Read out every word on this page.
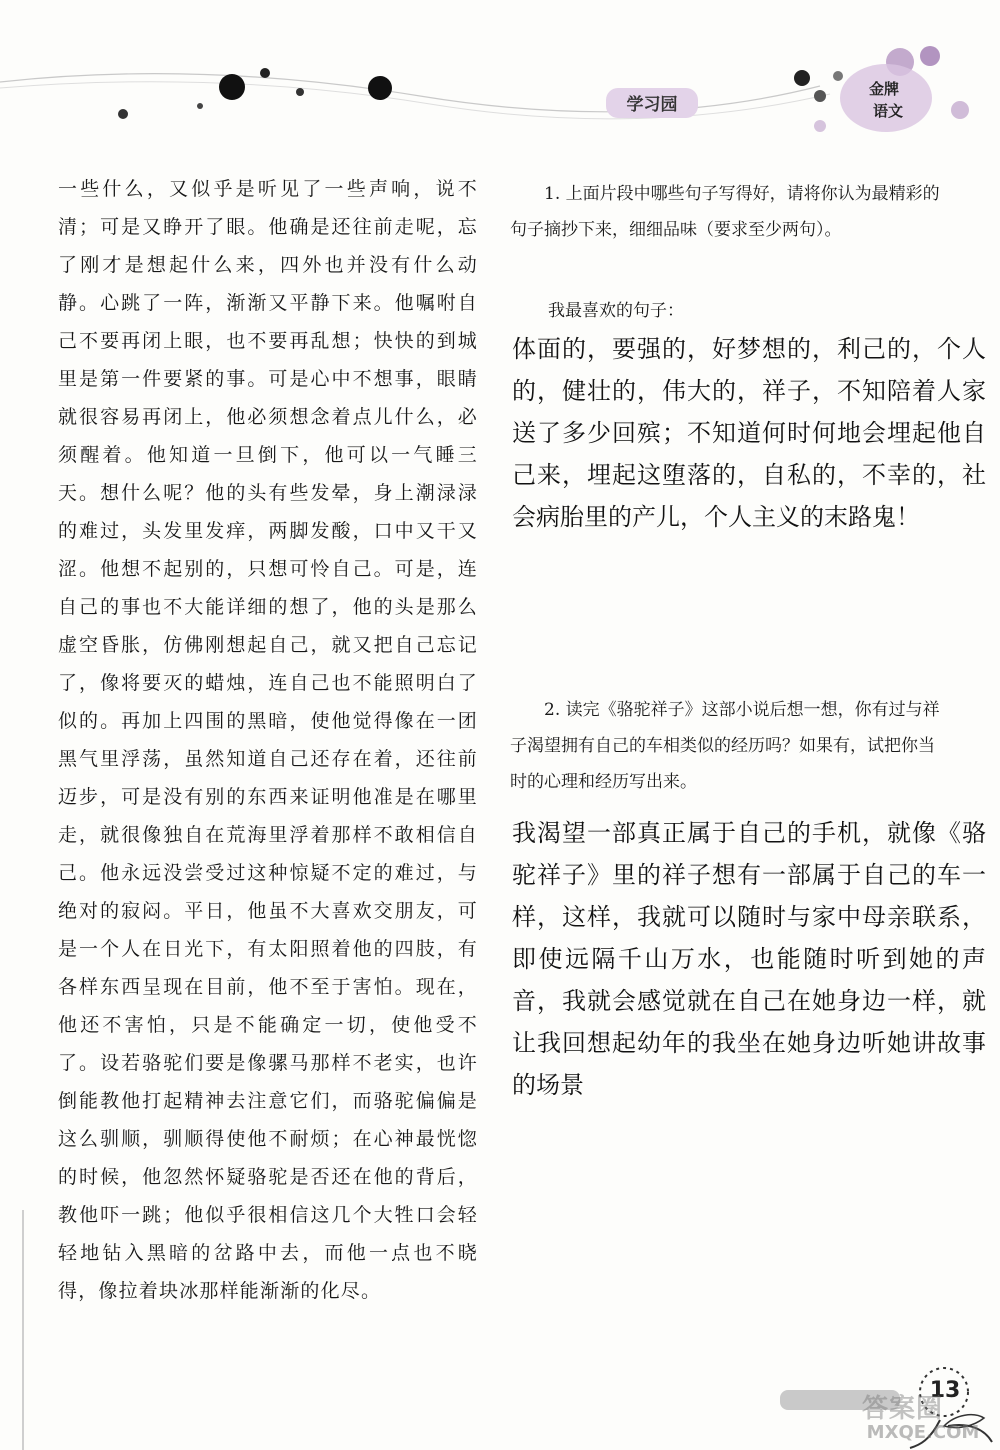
学习园
金牌
语文

一些什么，又似乎是听见了一些声响，说不清；可是又睁开了眼。他确是还往前走呢，忘了刚才是想起什么来，四外也并没有什么动静。心跳了一阵，渐渐又平静下来。他嘱咐自己不要再闭上眼，也不要再乱想；快快的到城里是第一件要紧的事。可是心中不想事，眼睛就很容易再闭上，他必须想念着点儿什么，必须醒着。他知道一旦倒下，他可以一气睡三天。想什么呢？他的头有些发晕，身上潮渌渌的难过，头发里发痒，两脚发酸，口中又干又涩。他想不起别的，只想可怜自己。可是，连自己的事也不大能详细的想了，他的头是那么虚空昏胀，仿佛刚想起自己，就又把自己忘记了，像将要灭的蜡烛，连自己也不能照明白了似的。再加上四围的黑暗，使他觉得像在一团黑气里浮荡，虽然知道自己还存在着，还往前迈步，可是没有别的东西来证明他准是在哪里走，就很像独自在荒海里浮着那样不敢相信自己。他永远没尝受过这种惊疑不定的难过，与绝对的寂闷。平日，他虽不大喜欢交朋友，可是一个人在日光下，有太阳照着他的四肢，有各样东西呈现在目前，他不至于害怕。现在，他还不害怕，只是不能确定一切，使他受不了。设若骆驼们要是像骡马那样不老实，也许倒能教他打起精神去注意它们，而骆驼偏偏是这么驯顺，驯顺得使他不耐烦；在心神最恍惚的时候，他忽然怀疑骆驼是否还在他的背后，教他吓一跳；他似乎很相信这几个大牲口会轻轻地钻入黑暗的岔路中去，而他一点也不晓得，像拉着块冰那样能渐渐的化尽。

1. 上面片段中哪些句子写得好，请将你认为最精彩的句子摘抄下来，细细品味（要求至少两句）。

我最喜欢的句子：

体面的，要强的，好梦想的，利己的，个人的，健壮的，伟大的，祥子，不知陪着人家送了多少回殡；不知道何时何地会埋起他自己来，埋起这堕落的，自私的，不幸的，社会病胎里的产儿，个人主义的末路鬼！

2. 读完《骆驼祥子》这部小说后想一想，你有过与祥子渴望拥有自己的车相类似的经历吗？如果有，试把你当时的心理和经历写出来。

我渴望一部真正属于自己的手机，就像《骆驼祥子》里的祥子想有一部属于自己的车一样，这样，我就可以随时与家中母亲联系，即使远隔千山万水，也能随时听到她的声音，我就会感觉就在自己在她身边一样，就让我回想起幼年的我坐在她身边听她讲故事的场景

13
答案圈
MXQE.COM
